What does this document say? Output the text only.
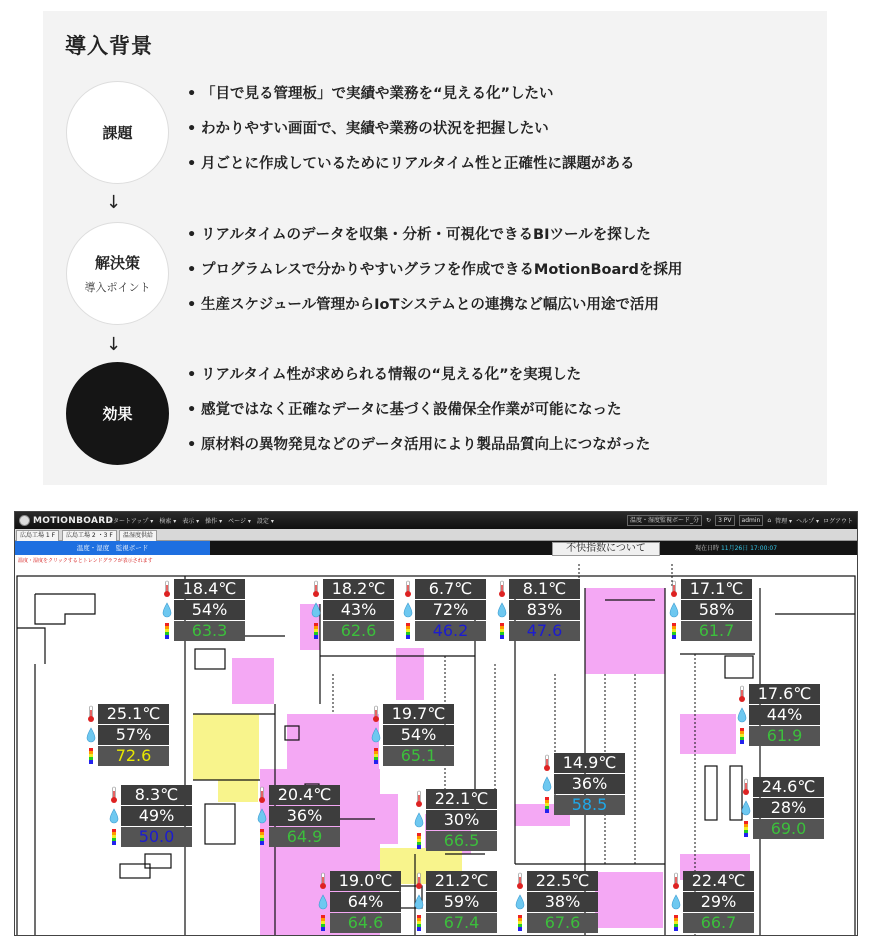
導入背景
課題
• 「目で見る管理板」で実績や業務を“見える化”したい
• わかりやすい画面で、実績や業務の状況を把握したい
• 月ごとに作成しているためにリアルタイム性と正確性に課題がある
↓
解決策
導入ポイント
• リアルタイムのデータを収集・分析・可視化できるBIツールを探した
• プログラムレスで分かりやすいグラフを作成できるMotionBoardを採用
• 生産スケジュール管理からIoTシステムとの連携など幅広い用途で活用
↓
効果
• リアルタイム性が求められる情報の“見える化”を実現した
• 感覚ではなく正確なデータに基づく設備保全作業が可能になった
• 原材料の異物発見などのデータ活用により製品品質向上につながった
MOTIONBOARD
スタートアップ ▾ 検索 ▾ 表示 ▾ 操作 ▾ ページ ▾ 設定 ▾	温度・湿度監視ボード_分	↻	3 PV	admin	⌂ 管理 ▾ ヘルプ ▾ ログアウト
広島工場 1 F	広島工場 2 ・3 F	温湿度供給
温度・湿度　監視ボード	不快指数について	現在日時 11月26日 17:00:07
温度・湿度をクリックするとトレンドグラフが表示されます
18.4℃
54%
63.3
18.2℃
43%
62.6
6.7℃
72%
46.2
8.1℃
83%
47.6
17.1℃
58%
61.7
17.6℃
44%
61.9
25.1℃
57%
72.6
19.7℃
54%
65.1	14.9℃
36%
58.5
24.6℃
28%
69.0
8.3℃
49%
50.0
20.4℃
36%
64.9
22.1℃
30%
66.5
19.0℃
64%
64.6
21.2℃
59%
67.4
22.5℃
38%
67.6
22.4℃
29%
66.7
